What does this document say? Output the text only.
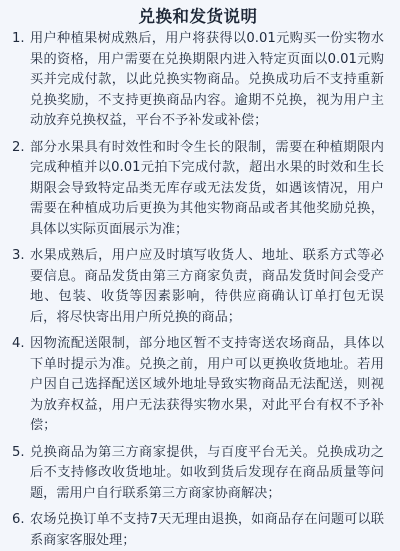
兑换和发货说明
1. 用户种植果树成熟后，用户将获得以0.01元购买一份实物水果的资格，用户需要在兑换期限内进入特定页面以0.01元购买并完成付款，以此兑换实物商品。兑换成功后不支持重新兑换奖励，不支持更换商品内容。逾期不兑换，视为用户主动放弃兑换权益，平台不予补发或补偿；
2. 部分水果具有时效性和时令生长的限制，需要在种植期限内完成种植并以0.01元拍下完成付款，超出水果的时效和生长期限会导致特定品类无库存或无法发货，如遇该情况，用户需要在种植成功后更换为其他实物商品或者其他奖励兑换，具体以实际页面展示为准；
3. 水果成熟后，用户应及时填写收货人、地址、联系方式等必要信息。商品发货由第三方商家负责，商品发货时间会受产地、包装、收货等因素影响，待供应商确认订单打包无误后，将尽快寄出用户所兑换的商品；
4. 因物流配送限制，部分地区暂不支持寄送农场商品，具体以下单时提示为准。兑换之前，用户可以更换收货地址。若用户因自己选择配送区域外地址导致实物商品无法配送，则视为放弃权益，用户无法获得实物水果，对此平台有权不予补偿；
5. 兑换商品为第三方商家提供，与百度平台无关。兑换成功之后不支持修改收货地址。如收到货后发现存在商品质量等问题，需用户自行联系第三方商家协商解决；
6. 农场兑换订单不支持7天无理由退换，如商品存在问题可以联系商家客服处理；
